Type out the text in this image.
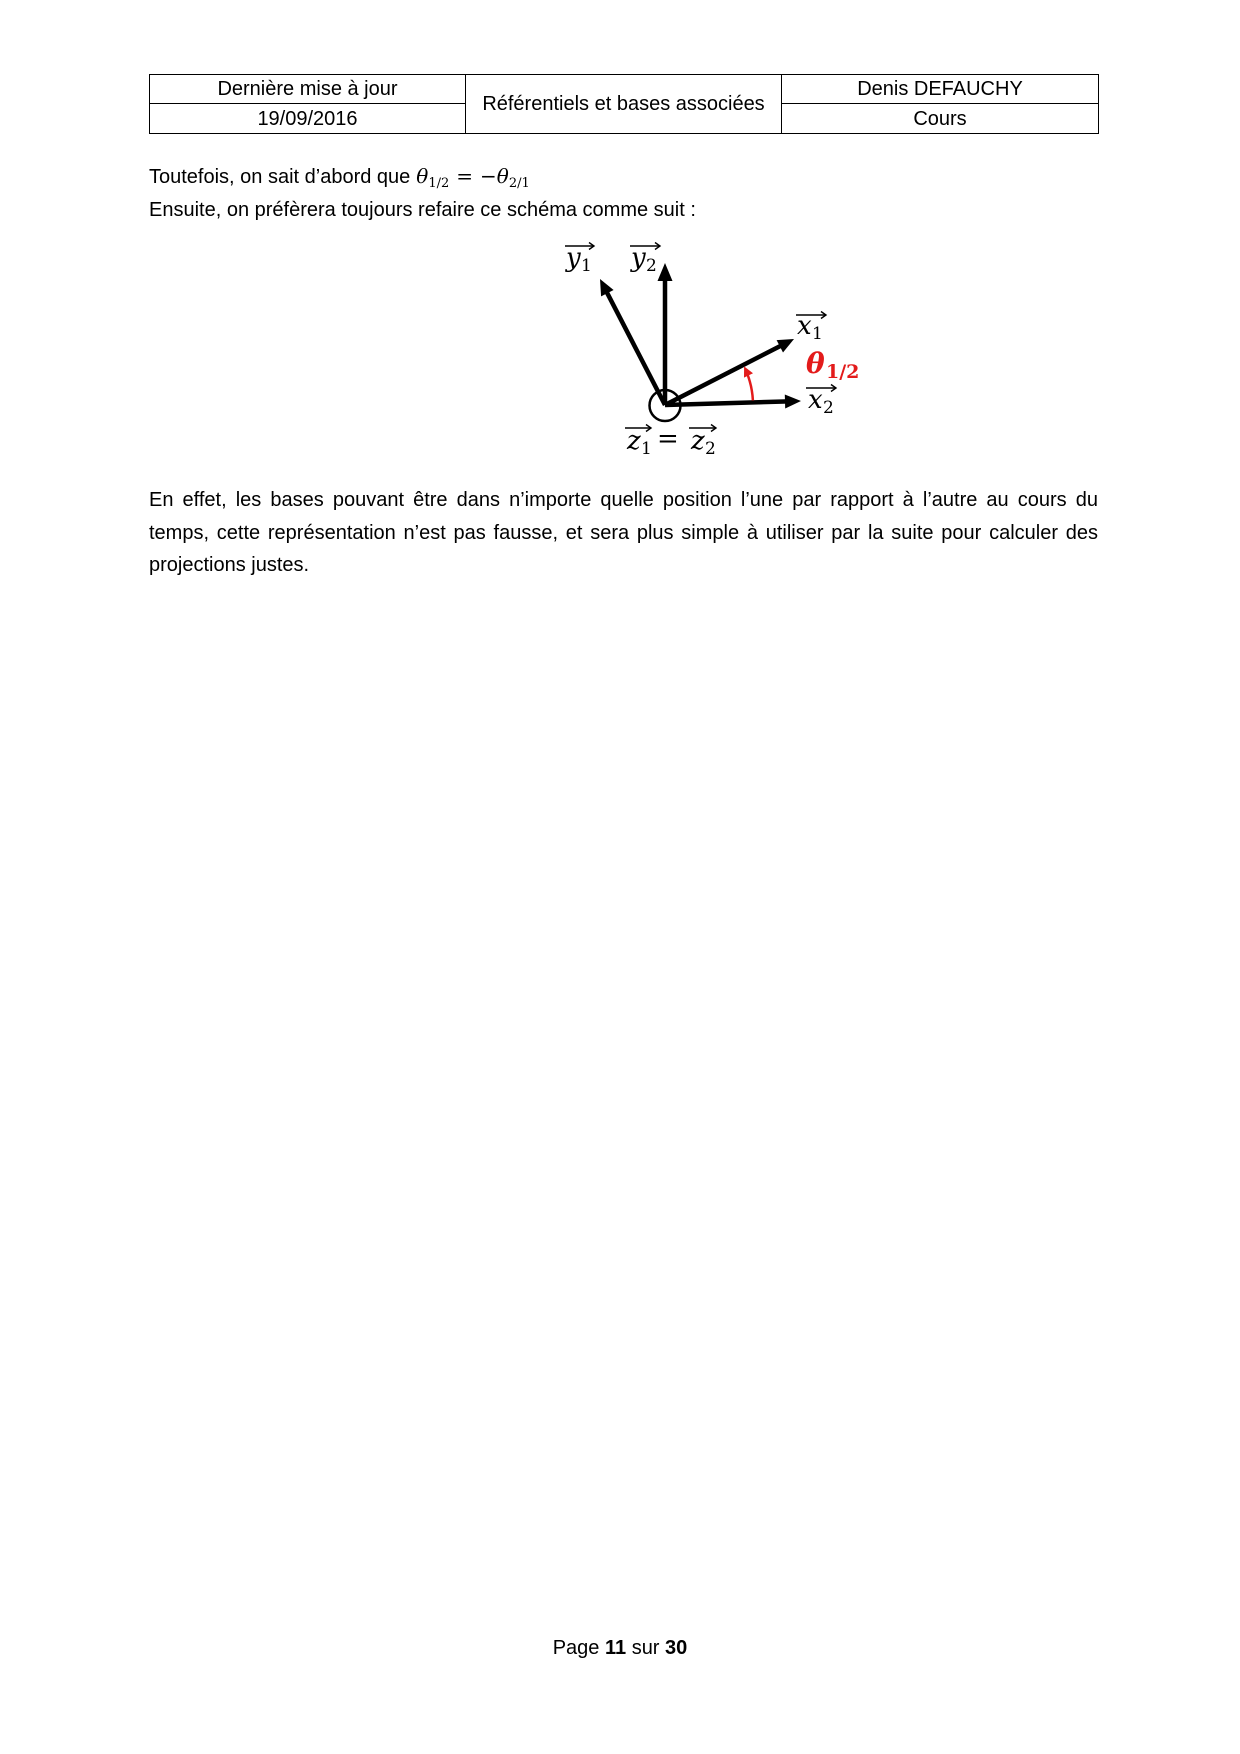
Dernière mise à jour	Référentiels et bases associées	Denis DEFAUCHY
19/09/2016		Cours
Toutefois, on sait d’abord que $\theta_{1/2} = -\theta_{2/1}$
Ensuite, on préfèrera toujours refaire ce schéma comme suit :
y 1 y 2
x 1
θ 1/2
x 2
z 1 = z 2
En effet, les bases pouvant être dans n’importe quelle position l’une par rapport à l’autre au cours du
temps, cette représentation n’est pas fausse, et sera plus simple à utiliser par la suite pour calculer des
projections justes.
Page 11 sur 30
